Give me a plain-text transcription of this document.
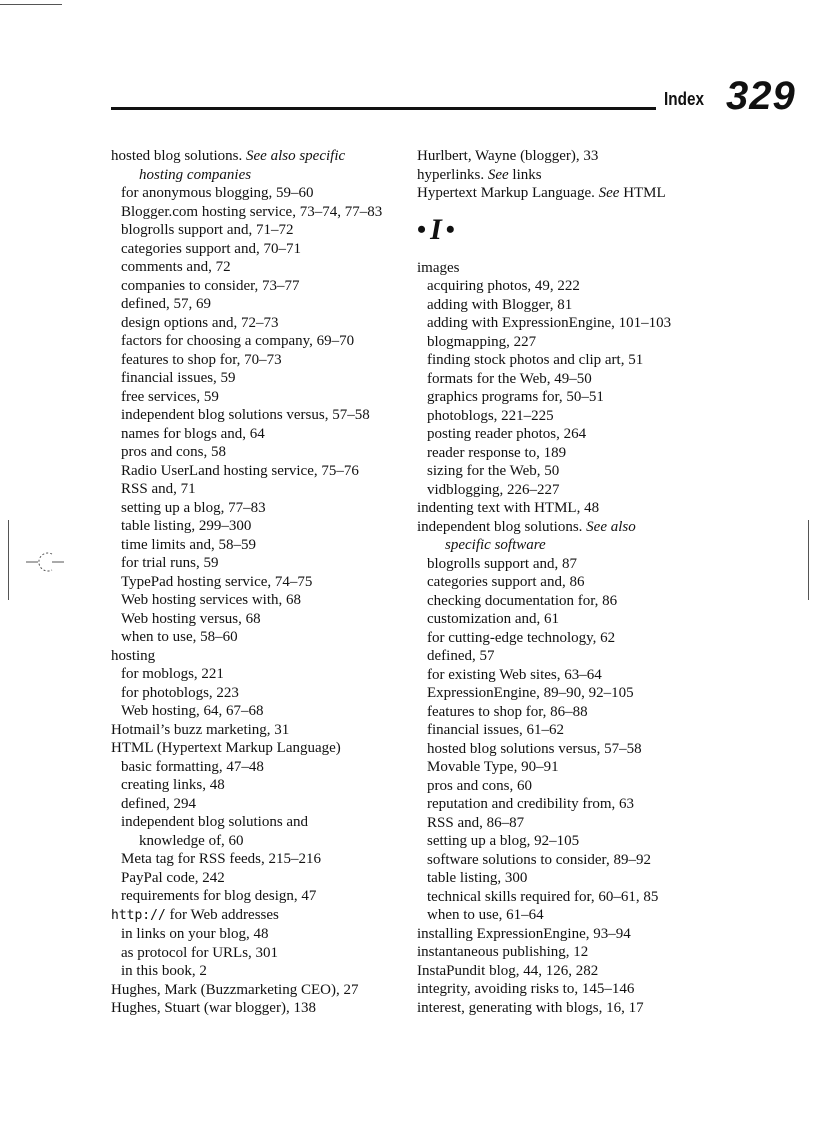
Index 329
hosted blog solutions. See also specific
hosting companies
for anonymous blogging, 59–60
Blogger.com hosting service, 73–74, 77–83
blogrolls support and, 71–72
categories support and, 70–71
comments and, 72
companies to consider, 73–77
defined, 57, 69
design options and, 72–73
factors for choosing a company, 69–70
features to shop for, 70–73
financial issues, 59
free services, 59
independent blog solutions versus, 57–58
names for blogs and, 64
pros and cons, 58
Radio UserLand hosting service, 75–76
RSS and, 71
setting up a blog, 77–83
table listing, 299–300
time limits and, 58–59
for trial runs, 59
TypePad hosting service, 74–75
Web hosting services with, 68
Web hosting versus, 68
when to use, 58–60
hosting
for moblogs, 221
for photoblogs, 223
Web hosting, 64, 67–68
Hotmail’s buzz marketing, 31
HTML (Hypertext Markup Language)
basic formatting, 47–48
creating links, 48
defined, 294
independent blog solutions and
knowledge of, 60
Meta tag for RSS feeds, 215–216
PayPal code, 242
requirements for blog design, 47
http:// for Web addresses
in links on your blog, 48
as protocol for URLs, 301
in this book, 2
Hughes, Mark (Buzzmarketing CEO), 27
Hughes, Stuart (war blogger), 138
Hurlbert, Wayne (blogger), 33
hyperlinks. See links
Hypertext Markup Language. See HTML
• I •
images
acquiring photos, 49, 222
adding with Blogger, 81
adding with ExpressionEngine, 101–103
blogmapping, 227
finding stock photos and clip art, 51
formats for the Web, 49–50
graphics programs for, 50–51
photoblogs, 221–225
posting reader photos, 264
reader response to, 189
sizing for the Web, 50
vidblogging, 226–227
indenting text with HTML, 48
independent blog solutions. See also
specific software
blogrolls support and, 87
categories support and, 86
checking documentation for, 86
customization and, 61
for cutting-edge technology, 62
defined, 57
for existing Web sites, 63–64
ExpressionEngine, 89–90, 92–105
features to shop for, 86–88
financial issues, 61–62
hosted blog solutions versus, 57–58
Movable Type, 90–91
pros and cons, 60
reputation and credibility from, 63
RSS and, 86–87
setting up a blog, 92–105
software solutions to consider, 89–92
table listing, 300
technical skills required for, 60–61, 85
when to use, 61–64
installing ExpressionEngine, 93–94
instantaneous publishing, 12
InstaPundit blog, 44, 126, 282
integrity, avoiding risks to, 145–146
interest, generating with blogs, 16, 17
